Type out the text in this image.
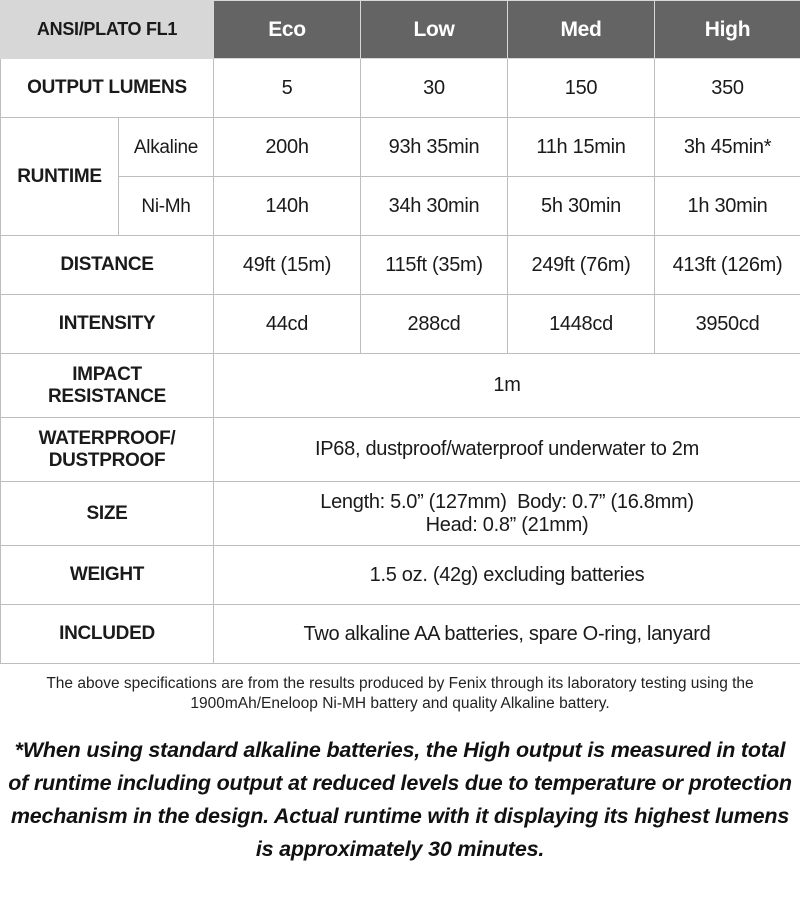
ANSI/PLATO FL1		Eco	Low	Med	High
OUTPUT LUMENS		5	30	150	350
RUNTIME	Alkaline	200h	93h 35min	11h 15min	3h 45min*
	Ni-Mh	140h	34h 30min	5h 30min	1h 30min
DISTANCE		49ft (15m)	115ft (35m)	249ft (76m)	413ft (126m)
INTENSITY		44cd	288cd	1448cd	3950cd

IMPACT
RESISTANCE		1m			

WATERPROOF/
DUSTPROOF		IP68, dustproof/waterproof underwater to 2m			
SIZE		Length: 5.0” (127mm)  Body: 0.7” (16.8mm)
Head: 0.8” (21mm)			

WEIGHT		1.5 oz. (42g) excluding batteries			
INCLUDED		Two alkaline AA batteries, spare O-ring, lanyard			
The above specifications are from the results produced by Fenix through its laboratory testing using the 1900mAh/Eneloop Ni-MH battery and quality Alkaline battery.
*When using standard alkaline batteries, the High output is measured in total of runtime including output at reduced levels due to temperature or protection mechanism in the design. Actual runtime with it displaying its highest lumens is approximately 30 minutes.
